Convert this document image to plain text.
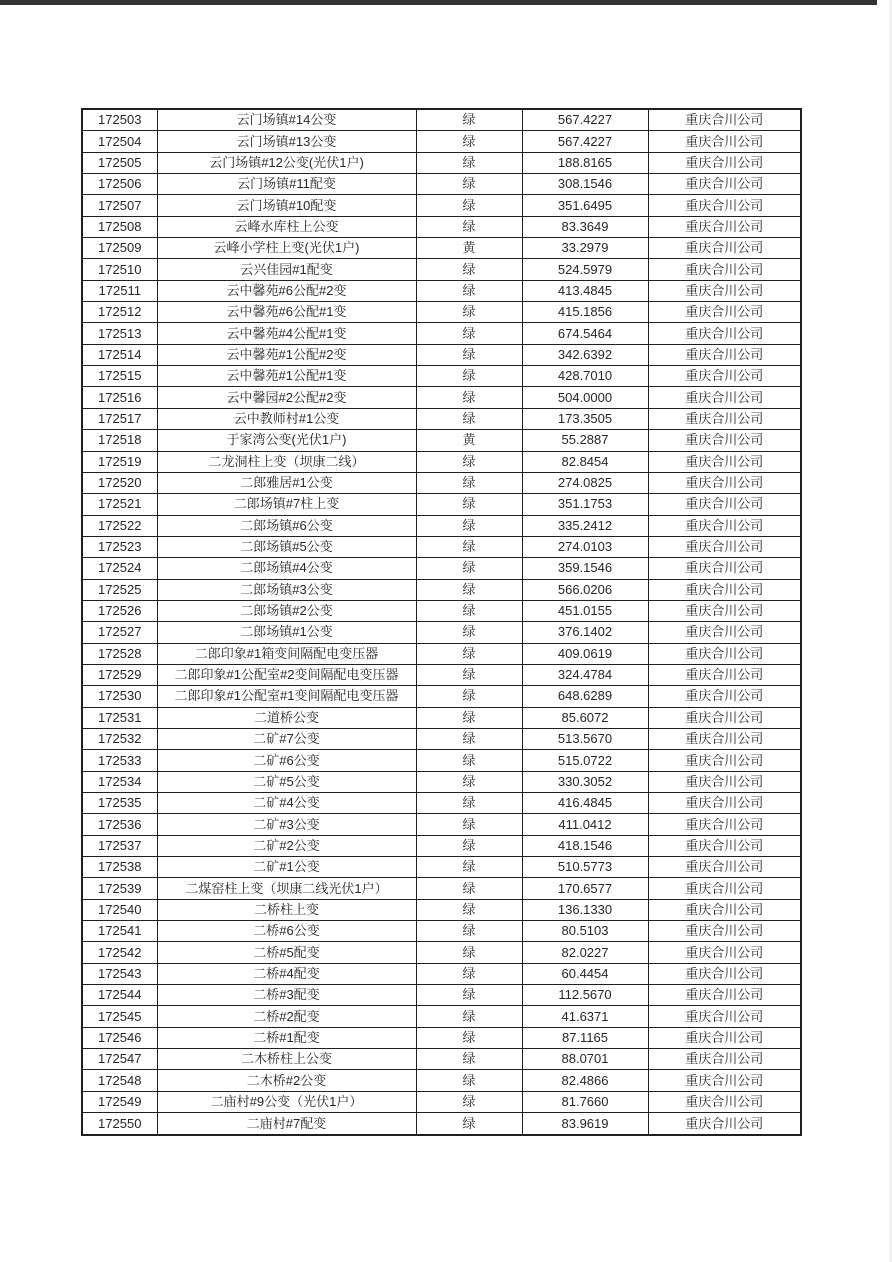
172503	云门场镇#14公变	绿	567.4227	重庆合川公司
172504	云门场镇#13公变	绿	567.4227	重庆合川公司
172505	云门场镇#12公变(光伏1户)	绿	188.8165	重庆合川公司
172506	云门场镇#11配变	绿	308.1546	重庆合川公司
172507	云门场镇#10配变	绿	351.6495	重庆合川公司
172508	云峰水库柱上公变	绿	83.3649	重庆合川公司
172509	云峰小学柱上变(光伏1户)	黄	33.2979	重庆合川公司
172510	云兴佳园#1配变	绿	524.5979	重庆合川公司
172511	云中馨苑#6公配#2变	绿	413.4845	重庆合川公司
172512	云中馨苑#6公配#1变	绿	415.1856	重庆合川公司
172513	云中馨苑#4公配#1变	绿	674.5464	重庆合川公司
172514	云中馨苑#1公配#2变	绿	342.6392	重庆合川公司
172515	云中馨苑#1公配#1变	绿	428.7010	重庆合川公司
172516	云中馨园#2公配#2变	绿	504.0000	重庆合川公司
172517	云中教师村#1公变	绿	173.3505	重庆合川公司
172518	于家湾公变(光伏1户)	黄	55.2887	重庆合川公司
172519	二龙洞柱上变（坝康二线）	绿	82.8454	重庆合川公司
172520	二郎雅居#1公变	绿	274.0825	重庆合川公司
172521	二郎场镇#7柱上变	绿	351.1753	重庆合川公司
172522	二郎场镇#6公变	绿	335.2412	重庆合川公司
172523	二郎场镇#5公变	绿	274.0103	重庆合川公司
172524	二郎场镇#4公变	绿	359.1546	重庆合川公司
172525	二郎场镇#3公变	绿	566.0206	重庆合川公司
172526	二郎场镇#2公变	绿	451.0155	重庆合川公司
172527	二郎场镇#1公变	绿	376.1402	重庆合川公司
172528	二郎印象#1箱变间隔配电变压器	绿	409.0619	重庆合川公司
172529	二郎印象#1公配室#2变间隔配电变压器	绿	324.4784	重庆合川公司
172530	二郎印象#1公配室#1变间隔配电变压器	绿	648.6289	重庆合川公司
172531	二道桥公变	绿	85.6072	重庆合川公司
172532	二矿#7公变	绿	513.5670	重庆合川公司
172533	二矿#6公变	绿	515.0722	重庆合川公司
172534	二矿#5公变	绿	330.3052	重庆合川公司
172535	二矿#4公变	绿	416.4845	重庆合川公司
172536	二矿#3公变	绿	411.0412	重庆合川公司
172537	二矿#2公变	绿	418.1546	重庆合川公司
172538	二矿#1公变	绿	510.5773	重庆合川公司
172539	二煤窑柱上变（坝康二线光伏1户）	绿	170.6577	重庆合川公司
172540	二桥柱上变	绿	136.1330	重庆合川公司
172541	二桥#6公变	绿	80.5103	重庆合川公司
172542	二桥#5配变	绿	82.0227	重庆合川公司
172543	二桥#4配变	绿	60.4454	重庆合川公司
172544	二桥#3配变	绿	112.5670	重庆合川公司
172545	二桥#2配变	绿	41.6371	重庆合川公司
172546	二桥#1配变	绿	87.1165	重庆合川公司
172547	二木桥柱上公变	绿	88.0701	重庆合川公司
172548	二木桥#2公变	绿	82.4866	重庆合川公司
172549	二庙村#9公变（光伏1户）	绿	81.7660	重庆合川公司
172550	二庙村#7配变	绿	83.9619	重庆合川公司
